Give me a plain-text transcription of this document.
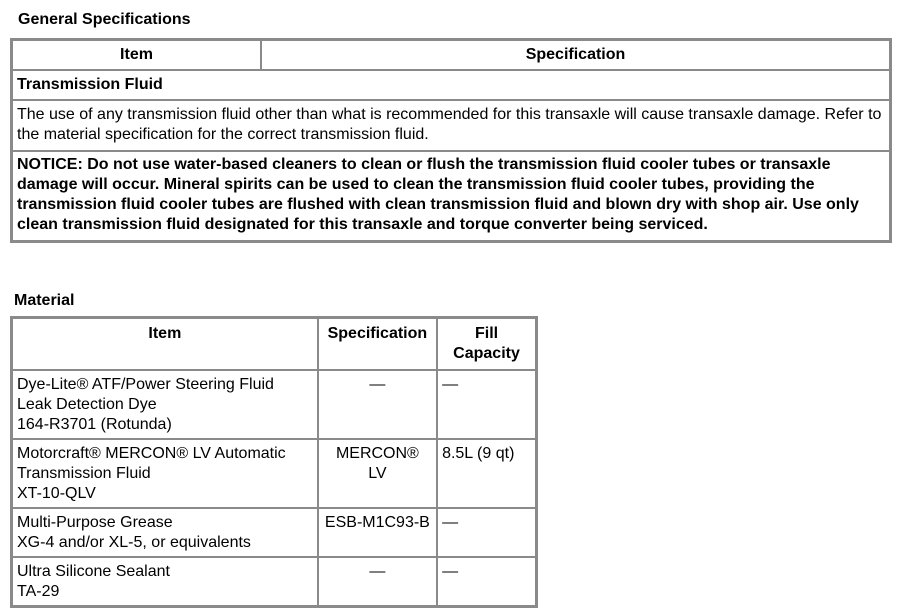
General Specifications
Item	Specification
Transmission Fluid
The use of any transmission fluid other than what is recommended for this transaxle will cause transaxle damage. Refer to the material specification for the correct transmission fluid.
NOTICE: Do not use water-based cleaners to clean or flush the transmission fluid cooler tubes or transaxle damage will occur. Mineral spirits can be used to clean the transmission fluid cooler tubes, providing the transmission fluid cooler tubes are flushed with clean transmission fluid and blown dry with shop air. Use only clean transmission fluid designated for this transaxle and torque converter being serviced.
Material
Item	Specification	Fill
Capacity

Dye-Lite® ATF/Power Steering Fluid
Leak Detection Dye
164-R3701 (Rotunda)	—	—

Motorcraft® MERCON® LV Automatic
Transmission Fluid
XT-10-QLV	MERCON®
LV	8.5L (9 qt)

Multi-Purpose Grease
XG-4 and/or XL-5, or equivalents	ESB-M1C93-B	—

Ultra Silicone Sealant
TA-29	—	—
